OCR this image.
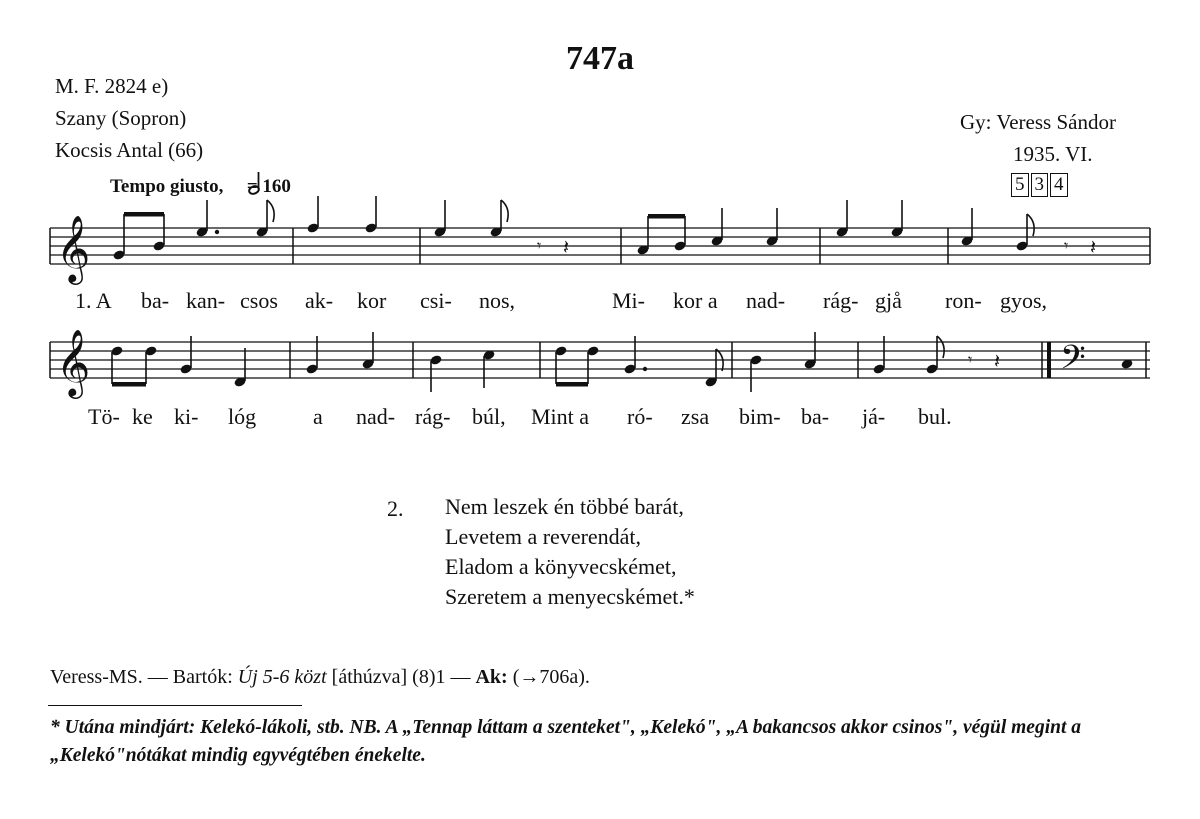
747a
M. F. 2824 e)
Szany (Sopron)
Kocsis Antal (66)
Gy: Veress Sándor
1935. VI.
5 3 4
Tempo giusto, = 160
𝄞	𝄾 𝄽	𝄾 𝄽
𝄞	𝄢
𝄾 𝄽
1. A ba- kan- csos ak- kor csi- nos,	Mi- kor a nad- rág- gjå ron- gyos,
Tö- ke ki- lóg	a nad- rág- búl, Mint a ró- zsa bim- ba- já- bul.
2. Nem leszek én többé barát,
Levetem a reverendát,
Eladom a könyvecskémet,
Szeretem a menyecskémet.*
Veress-MS. — Bartók: Új 5-6 közt [áthúzva] (8)1 — Ak: (→706a).
* Utána mindjárt: Kelekó-lákoli, stb. NB. A „Tennap láttam a szenteket", „Kelekó", „A bakancsos akkor csinos", végül megint a „Kelekó"nótákat mindig egyvégtében énekelte.
